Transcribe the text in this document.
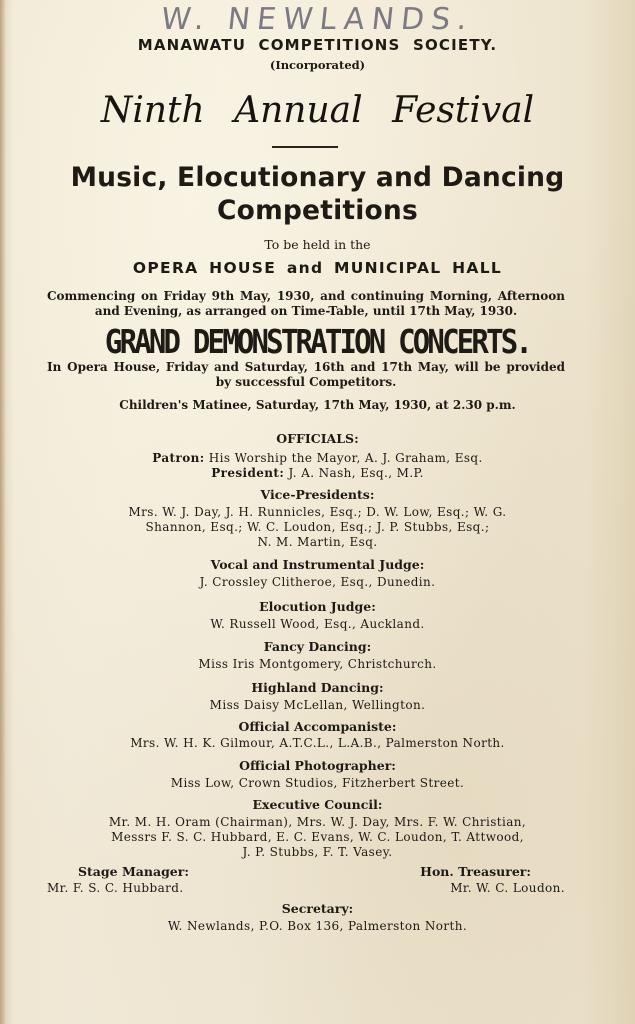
W. NEWLANDS.
MANAWATU COMPETITIONS SOCIETY.
(Incorporated)
Ninth Annual Festival
Music, Elocutionary and Dancing
Competitions
To be held in the
OPERA HOUSE and MUNICIPAL HALL
Commencing on Friday 9th May, 1930, and continuing Morning, Afternoon and Evening, as arranged on Time-Table, until 17th May, 1930.
GRAND DEMONSTRATION CONCERTS.
In Opera House, Friday and Saturday, 16th and 17th May, will be provided by successful Competitors.
Children's Matinee, Saturday, 17th May, 1930, at 2.30 p.m.
OFFICIALS:
Patron: His Worship the Mayor, A. J. Graham, Esq.
President: J. A. Nash, Esq., M.P.
Vice-Presidents:
Mrs. W. J. Day, J. H. Runnicles, Esq.; D. W. Low, Esq.; W. G.
Shannon, Esq.; W. C. Loudon, Esq.; J. P. Stubbs, Esq.;
N. M. Martin, Esq.
Vocal and Instrumental Judge:
J. Crossley Clitheroe, Esq., Dunedin.
Elocution Judge:
W. Russell Wood, Esq., Auckland.
Fancy Dancing:
Miss Iris Montgomery, Christchurch.
Highland Dancing:
Miss Daisy McLellan, Wellington.
Official Accompaniste:
Mrs. W. H. K. Gilmour, A.T.C.L., L.A.B., Palmerston North.
Official Photographer:
Miss Low, Crown Studios, Fitzherbert Street.
Executive Council:
Mr. M. H. Oram (Chairman), Mrs. W. J. Day, Mrs. F. W. Christian,
Messrs F. S. C. Hubbard, E. C. Evans, W. C. Loudon, T. Attwood,
J. P. Stubbs, F. T. Vasey.
Stage Manager:
Mr. F. S. C. Hubbard.
Hon. Treasurer:
Mr. W. C. Loudon.
Secretary:
W. Newlands, P.O. Box 136, Palmerston North.
